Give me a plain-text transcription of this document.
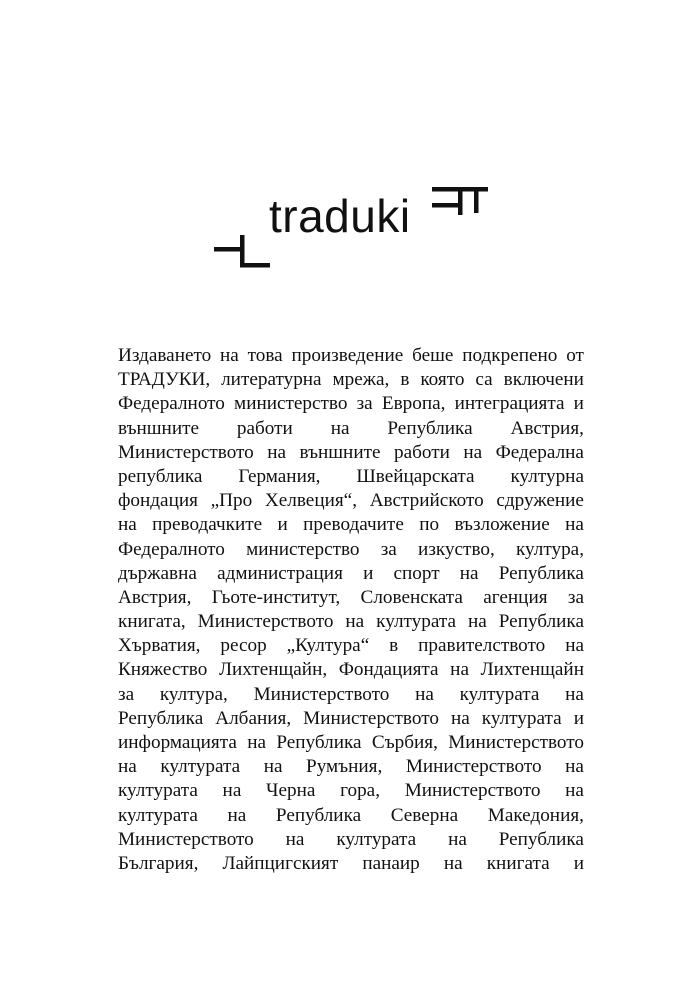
traduki
Издаването на това произведение беше подкрепено от
ТРАДУКИ, литературна мрежа, в която са включени
Федералното министерство за Европа, интеграцията и
външните работи на Република Австрия,
Министерството на външните работи на Федерална
република Германия, Швейцарската културна
фондация „Про Хелвеция“, Австрийското сдружение
на преводачките и преводачите по възложение на
Федералното министерство за изкуство, култура,
държавна администрация и спорт на Република
Австрия, Гьоте-институт, Словенската агенция за
книгата, Министерството на културата на Република
Хърватия, ресор „Култура“ в правителството на
Княжество Лихтенщайн, Фондацията на Лихтенщайн
за култура, Министерството на културата на
Република Албания, Министерството на културата и
информацията на Република Сърбия, Министерството
на културата на Румъния, Министерството на
културата на Черна гора, Министерството на
културата на Република Северна Македония,
Министерството на културата на Република
България, Лайпцигският панаир на книгата и
